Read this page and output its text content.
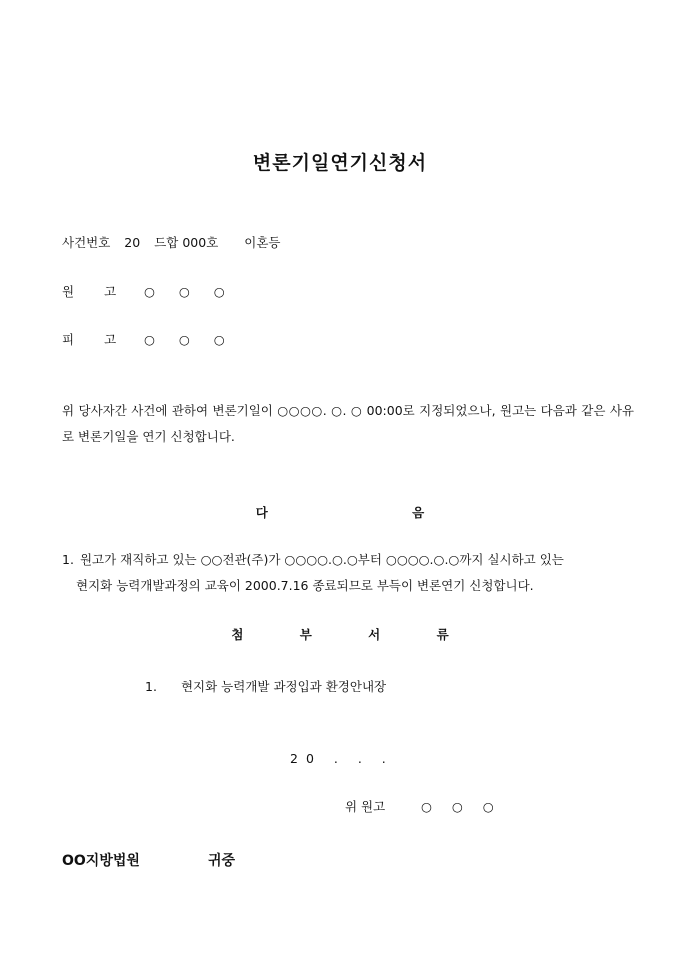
변론기일연기신청서
사건번호 20 드합 000호 이혼등
원고 ○ ○ ○
피고 ○ ○ ○
위 당사자간 사건에 관하여 변론기일이 ○○○○. ○. ○ 00:00로 지정되었으나, 원고는 다음과 같은 사유로 변론기일을 연기 신청합니다.
다 음
1. 원고가 재직하고 있는 ○○전관(주)가 ○○○○.○.○부터 ○○○○.○.○까지 실시하고 있는
현지화 능력개발과정의 교육이 2000.7.16 종료되므로 부득이 변론연기 신청합니다.
첨 부 서 류
1. 현지화 능력개발 과정입과 환경안내장
20 . . .
위 원고	○ ○ ○
OO지방법원	귀중
